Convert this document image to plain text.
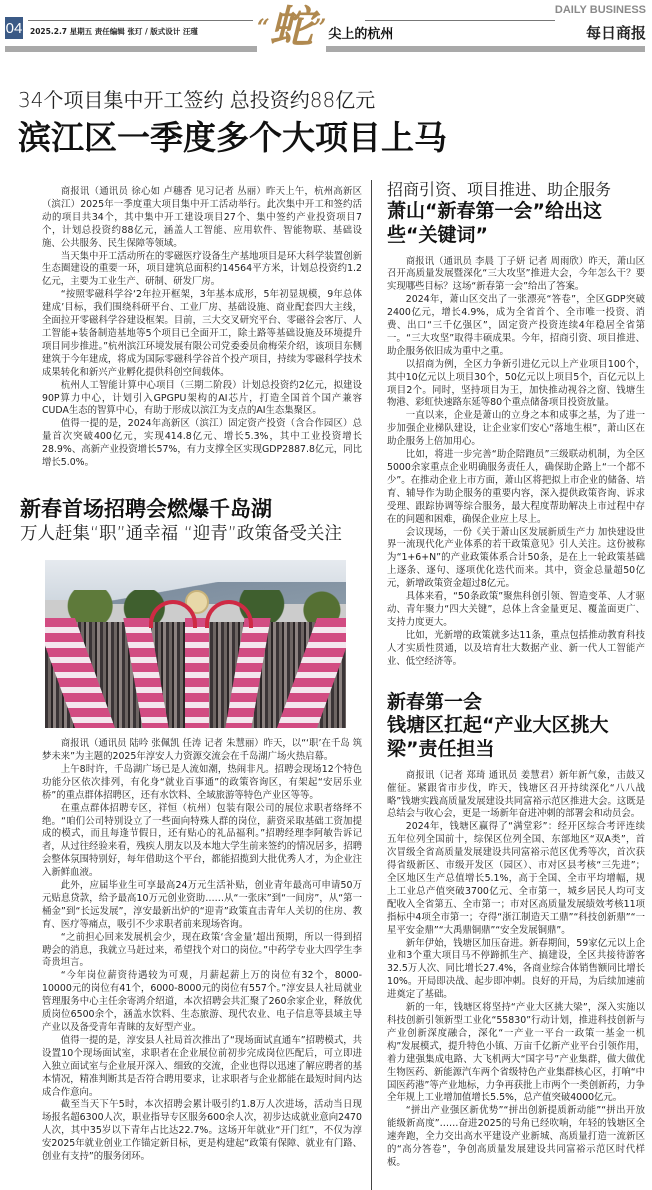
04 2025.2.7 星期五 责任编辑 张玎 / 版式设计 汪瑾	“蛇” 尖上的杭州
DAILY BUSINESS
每日商报
34个项目集中开工签约 总投资约88亿元
滨江区一季度多个大项目上马

商报讯（通讯员 徐心如 卢穗香 见习记者 丛丽）昨天上午，杭州高新区（滨江）2025年一季度重大项目集中开工活动举行。此次集中开工和签约活动的项目共34个，其中集中开工建设项目27个、集中签约产业投资项目7个，计划总投资约88亿元，涵盖人工智能、应用软件、智能物联、基础设施、公共服务、民生保障等领域。

当天集中开工活动所在的零磁医疗设备生产基地项目是环大科学装置创新生态圈建设的重要一环，项目建筑总面积约14564平方米，计划总投资约1.2亿元，主要为工业生产、研制、研发厂房。

“按照零磁科学谷‘2年拉开框架，3年基本成形，5年初显规模，9年总体建成’目标，我们围绕科研平台、工业厂房、基础设施、商业配套四大主线，全面拉开零磁科学谷建设框架。目前，三大交叉研究平台、零磁谷会客厅、人工智能+装备制造基地等5个项目已全面开工，除土路等基础设施及环境提升项目同步推进。”杭州滨江环境发展有限公司党委委员俞梅荣介绍，该项目东侧建筑于今年建成，将成为国际零磁科学谷首个投产项目，持续为零磁科学技术成果转化和新兴产业孵化提供科创空间载体。

杭州人工智能计算中心项目（三期二阶段）计划总投资约2亿元，拟建设90P算力中心，计划引入GPGPU架构的AI芯片，打造全国首个国产兼容CUDA生态的智算中心，有助于形成以滨江为支点的AI生态集聚区。

值得一提的是，2024年高新区（滨江）固定资产投资（含合作园区）总量首次突破400亿元，实现414.8亿元、增长5.3%，其中工业投资增长28.9%、高新产业投资增长57%，有力支撑全区实现GDP2887.8亿元，同比增长5.0%。

新春首场招聘会燃爆千岛湖
万人赶集“职”通幸福 “迎青”政策备受关注

商报讯（通讯员 陆吟 张佩凯 任涛 记者 朱慧丽）昨天，以“‘职’在千岛 筑梦未来”为主题的2025年淳安人力资源交流会在千岛湖广场火热启幕。

上午8时许，千岛湖广场已是人流如潮，热闹非凡。招聘会现场12个特色功能分区依次排列，有化身“就业百事通”的政策咨询区，有架起“安居乐业桥”的重点群体招聘区，还有水饮料、全域旅游等特色产业区等等。

在重点群体招聘专区，祥恒（杭州）包装有限公司的展位求职者络绎不绝。“咱们公司特别设立了一些面向特殊人群的岗位，薪资采取基础工资加提成的模式，而且每逢节假日，还有贴心的礼品福利。”招聘经理李阿敏告诉记者，从过往经验来看，残疾人朋友以及本地大学生前来签约的情况居多，招聘会整体氛围特别好，每年借助这个平台，都能招揽到大批优秀人才，为企业注入新鲜血液。

此外，应届毕业生可享最高24万元生活补贴，创业青年最高可申请50万元贴息贷款，给予最高10万元创业资助……从“一张床”到“一间房”，从“第一桶金”到“长远发展”，淳安最新出炉的“迎青”政策直击青年人关切的住房、教育、医疗等痛点，吸引不少求职者前来现场咨询。

“之前担心回来发展机会少，现在政策‘含金量’超出预期，所以一得到招聘会的消息，我就立马赶过来，希望找个对口的岗位。”中药学专业大四学生李奇贵坦言。

“今年岗位薪资待遇较为可观，月薪起薪上万的岗位有32个，8000-10000元的岗位有41个，6000-8000元的岗位有557个。”淳安县人社局就业管理服务中心主任余寄鸿介绍道，本次招聘会共汇聚了260余家企业，释放优质岗位6500余个，涵盖水饮料、生态旅游、现代农业、电子信息等县域主导产业以及备受青年青睐的友好型产业。

值得一提的是，淳安县人社局首次推出了“现场面试直通车”招聘模式，共设置10个现场面试室，求职者在企业展位前初步完成岗位匹配后，可立即进入独立面试室与企业展开深入、细致的交流，企业也得以迅速了解应聘者的基本情况，精准判断其是否符合聘用要求，让求职者与企业都能在最短时间内达成合作意向。

截至当天下午5时，本次招聘会累计吸引约1.8万人次进场，活动当日现场报名超6300人次，职业指导专区服务600余人次，初步达成就业意向2470人次，其中35岁以下青年占比达22.7%。这场开年就业“开门红”，不仅为淳安2025年就业创业工作锚定新目标，更是构建起“政策有保障、就业有门路、创业有支持”的服务闭环。

招商引资、项目推进、助企服务
萧山“新春第一会”给出这些“关键词”

商报讯（通讯员 李晨 丁子妍 记者 周雨欣）昨天，萧山区召开高质量发展暨深化“三大攻坚”推进大会，今年怎么干？要实现哪些目标？这场“新春第一会”给出了答案。

2024年，萧山区交出了一张漂亮“答卷”，全区GDP突破2400亿元，增长4.9%，成为全省首个、全市唯一投资、消费、出口“三千亿强区”，固定资产投资连续4年稳居全省第一。“三大攻坚”取得丰硕成果。今年，招商引资、项目推进、助企服务依旧成为重中之重。

以招商为例，全区力争新引进亿元以上产业项目100个，其中10亿元以上项目30个，50亿元以上项目5个，百亿元以上项目2个。同时，坚持项目为王，加快推动视谷之窗、钱塘生物港、彩虹快速路东延等80个重点储备项目投资放量。

一直以来，企业是萧山的立身之本和成事之基，为了进一步加强企业梯队建设，让企业家们安心“落地生根”，萧山区在助企服务上倍加用心。

比如，将进一步完善“助企陪跑员”三级联动机制，为全区5000余家重点企业明确服务责任人，确保助企路上“一个都不少”。在推动企业上市方面，萧山区将把拟上市企业的储备、培育、辅导作为助企服务的重要内容，深入提供政策咨询、诉求受理、跟踪协调等综合服务，最大程度帮助解决上市过程中存在的问题和困难，确保企业应上尽上。

会议现场，一份《关于萧山区发展新质生产力 加快建设世界一流现代化产业体系的若干政策意见》引人关注。这份被称为“1+6+N”的产业政策体系合计50条，是在上一轮政策基础上逐条、逐句、逐项优化迭代而来。其中，资金总量超50亿元，新增政策资金超过8亿元。

具体来看，“50条政策”聚焦科创引领、智造变革、人才驱动、青年聚力“四大关键”，总体上含金量更足、覆盖面更广、支持力度更大。

比如，光新增的政策就多达11条，重点包括推动教育科技人才实质性贯通，以及培育壮大数据产业、新一代人工智能产业、低空经济等。

新春第一会
钱塘区扛起“产业大区挑大梁”责任担当

商报讯（记者 郑琦 通讯员 姜慧君）新年新气象，击鼓又催征。紧跟省市步伐，昨天，钱塘区召开持续深化“八八战略”钱塘实践高质量发展建设共同富裕示范区推进大会。这既是总结会与收心会，更是一场新年奋进冲刺的部署会和动员会。

2024年，钱塘区赢得了“满堂彩”：经开区综合考评连续五年位列全国前十，综保区位列全国、东部地区“双A类”，首次冒级全省高质量发展建设共同富裕示范区优秀等次，首次获得省级新区、市级开发区（园区）、市对区县考核“三先进”；全区地区生产总值增长5.1%，高于全国、全市平均增幅，规上工业总产值突破3700亿元、全市第一，城乡居民人均可支配收入全省第五、全市第一；市对区高质量发展绩效考核11项指标中4项全市第一；夺得“浙江制造天工鼎”“科技创新鼎”“一星平安金鼎”“大禹鼎铜鼎”“安全发展铜鼎”。

新年伊始，钱塘区加压奋进。新春期间，59家亿元以上企业和3个重大项目马不停蹄抓生产、搞建设，全区共接待游客32.5万人次、同比增长27.4%，各商业综合体销售额同比增长10%。开局即决战、起步即冲刺。良好的开局，为后续加速前进奠定了基础。

新的一年，钱塘区将坚持“产业大区挑大梁”，深入实施以科技创新引领新型工业化“55830”行动计划，推进科技创新与产业创新深度融合，深化“一产业一平台一政策一基金一机构”发展模式，提升特色小镇、万亩千亿新产业平台引领作用，着力建强集成电路、大飞机两大“国字号”产业集群，做大做优生物医药、新能源汽车两个省级特色产业集群核心区，打响“中国医药港”等产业地标，力争再获批上市两个一类创新药，力争全年规上工业增加值增长5.5%，总产值突破4000亿元。

“拼出产业强区新优势”“拼出创新提质新动能”“拼出开放能级新高度”……奋进2025的号角已经吹响，年轻的钱塘区全速奔跑，全力交出高水平建设产业新城、高质量打造一流新区的“高分答卷”，争创高质量发展建设共同富裕示范区时代样板。
